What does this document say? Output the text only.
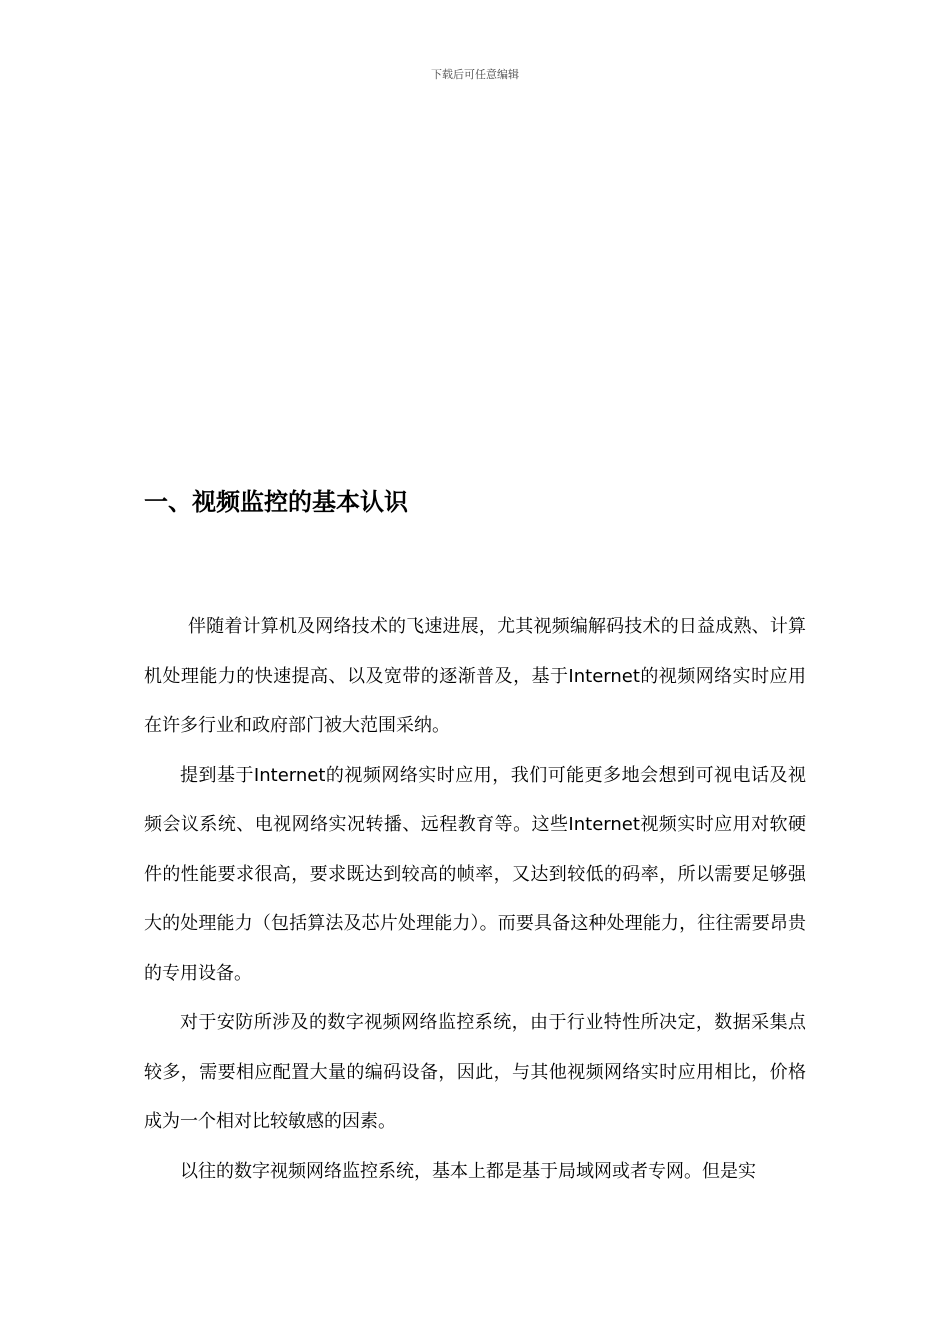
下载后可任意编辑
一、视频监控的基本认识

伴随着计算机及网络技术的飞速进展，尤其视频编解码技术的日益成熟、计算机处理能力的快速提高、以及宽带的逐渐普及，基于Internet的视频网络实时应用在许多行业和政府部门被大范围采纳。

提到基于Internet的视频网络实时应用，我们可能更多地会想到可视电话及视频会议系统、电视网络实况转播、远程教育等。这些Internet视频实时应用对软硬件的性能要求很高，要求既达到较高的帧率，又达到较低的码率，所以需要足够强大的处理能力（包括算法及芯片处理能力）。而要具备这种处理能力，往往需要昂贵的专用设备。

对于安防所涉及的数字视频网络监控系统，由于行业特性所决定，数据采集点较多，需要相应配置大量的编码设备，因此，与其他视频网络实时应用相比，价格成为一个相对比较敏感的因素。

以往的数字视频网络监控系统，基本上都是基于局域网或者专网。但是实
